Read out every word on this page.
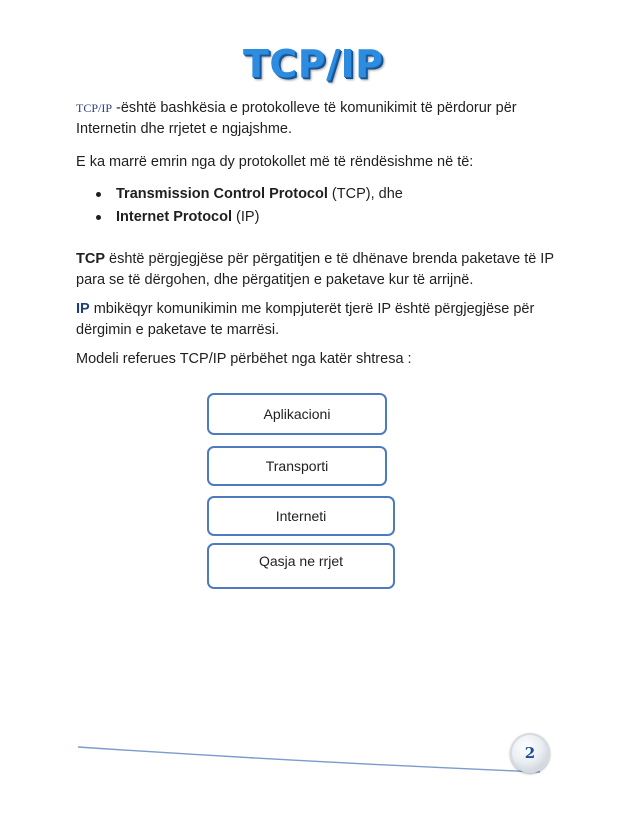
TCP/IP

TCP/IP -është bashkësia e protokolleve të komunikimit të përdorur për Internetin dhe rrjetet e ngjajshme.

E ka marrë emrin nga dy protokollet më të rëndësishme në të:

Transmission Control Protocol (TCP), dhe
Internet Protocol (IP)

TCP është përgjegjëse për përgatitjen e të dhënave brenda paketave të IP para se të dërgohen, dhe përgatitjen e paketave kur të arrijnë.

IP mbikëqyr komunikimin me kompjuterët tjerë IP është përgjegjëse për dërgimin e paketave te marrësi.

Modeli referues TCP/IP përbëhet nga katër shtresa :

Aplikacioni
Transporti
Interneti
Qasja ne rrjet
2
